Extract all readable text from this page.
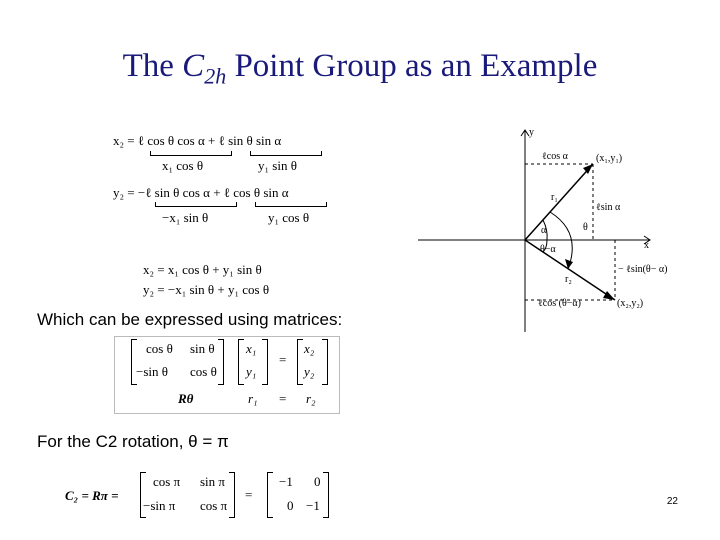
The $C_{2h}$ Point Group as an Example
x₂ = ℓ cos θ cos α + ℓ sin θ sin α
x₁ cos θ	y₁ sin θ
y₂ = −ℓ sin θ cos α + ℓ cos θ sin α
−x₁ sin θ	y₁ cos θ
x₂ = x₁ cos θ + y₁ sin θ
y₂ = −x₁ sin θ + y₁ cos θ
Which can be expressed using matrices:
cos θ sin θ
−sin θ cos θ
x₁
y₁
=
x₂
y₂
Rθ	r₁ = r₂
For the C2 rotation, θ = π
C₂ = Rπ =
cos π sin π
−sin π cos π
=
−1 0
0 −1
y
x
ℓcos α	(x₁,y₁)
r₁
ℓsin α
θ
α
θ−α
r₂
− ℓsin(θ− α)
ℓcos (θ−α)	(x₂,y₂)
22
